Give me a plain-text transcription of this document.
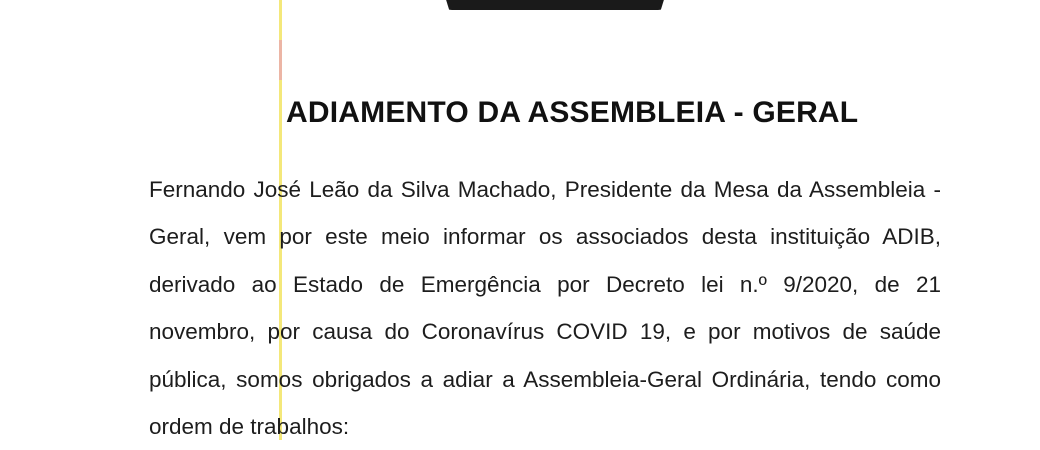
ADIAMENTO DA ASSEMBLEIA - GERAL
Fernando José Leão da Silva Machado, Presidente da Mesa da Assembleia -
Geral, vem por este meio informar os associados desta instituição ADIB,
derivado ao Estado de Emergência por Decreto lei n.º 9/2020, de 21
novembro, por causa do Coronavírus COVID 19, e por motivos de saúde
pública, somos obrigados a adiar a Assembleia-Geral Ordinária, tendo como
ordem de trabalhos:
